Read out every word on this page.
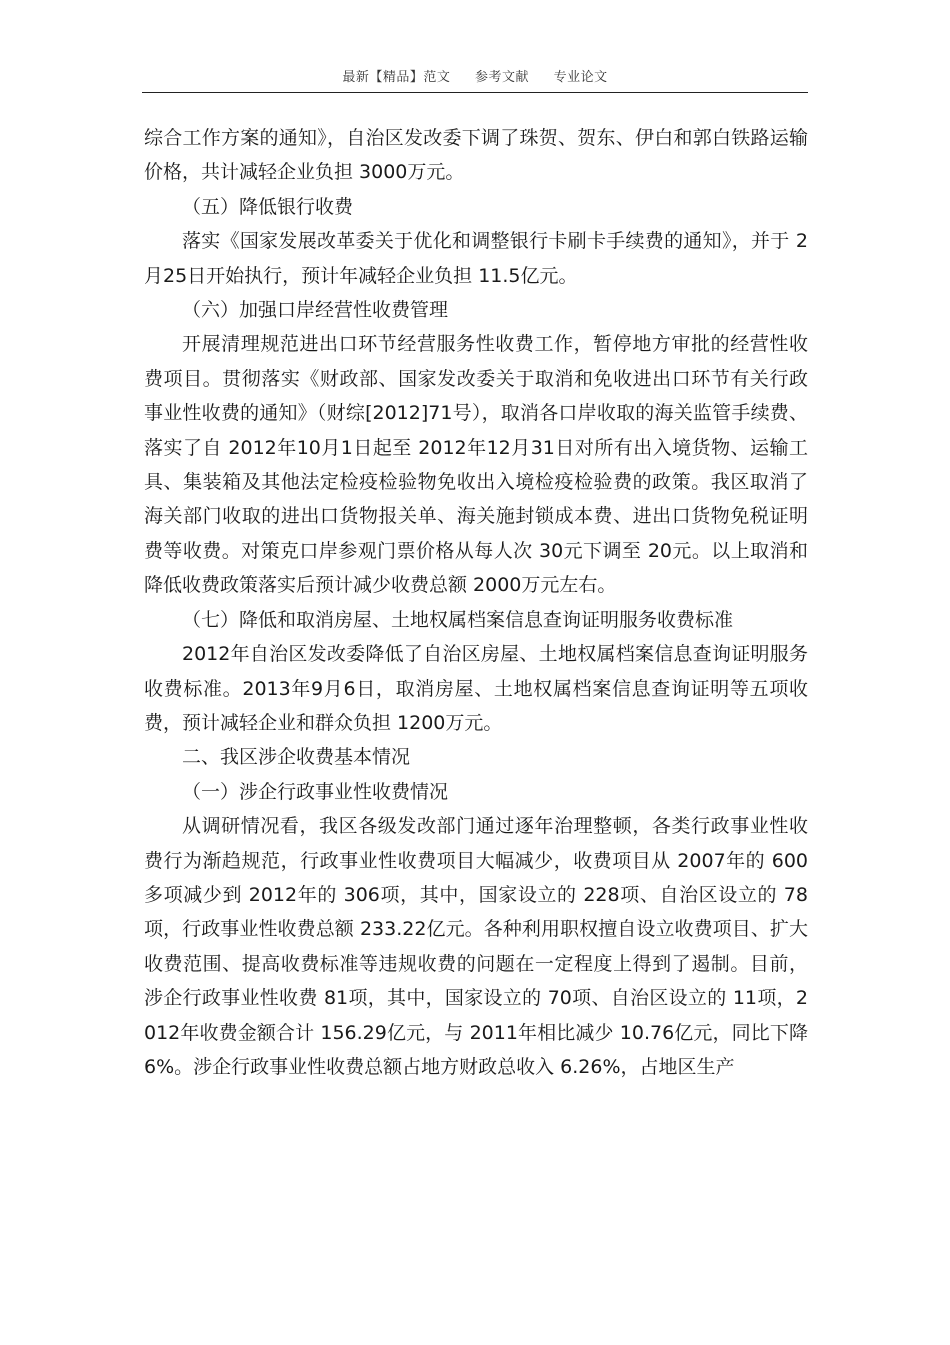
最新【精品】范文 参考文献 专业论文

综合工作方案的通知》，自治区发改委下调了珠贺、贺东、伊白和郭白铁路运输价格，共计减轻企业负担 3000万元。

（五）降低银行收费

落实《国家发展改革委关于优化和调整银行卡刷卡手续费的通知》，并于 2月25日开始执行，预计年减轻企业负担 11.5亿元。

（六）加强口岸经营性收费管理

开展清理规范进出口环节经营服务性收费工作，暂停地方审批的经营性收费项目。贯彻落实《财政部、国家发改委关于取消和免收进出口环节有关行政事业性收费的通知》（财综[2012]71号），取消各口岸收取的海关监管手续费、落实了自 2012年10月1日起至 2012年12月31日对所有出入境货物、运输工具、集装箱及其他法定检疫检验物免收出入境检疫检验费的政策。我区取消了海关部门收取的进出口货物报关单、海关施封锁成本费、进出口货物免税证明费等收费。对策克口岸参观门票价格从每人次 30元下调至 20元。以上取消和降低收费政策落实后预计减少收费总额 2000万元左右。

（七）降低和取消房屋、土地权属档案信息查询证明服务收费标准

2012年自治区发改委降低了自治区房屋、土地权属档案信息查询证明服务收费标准。2013年9月6日，取消房屋、土地权属档案信息查询证明等五项收费，预计减轻企业和群众负担 1200万元。

二、我区涉企收费基本情况

（一）涉企行政事业性收费情况

从调研情况看，我区各级发改部门通过逐年治理整顿，各类行政事业性收费行为渐趋规范，行政事业性收费项目大幅减少，收费项目从 2007年的 600多项减少到 2012年的 306项，其中，国家设立的 228项、自治区设立的 78项，行政事业性收费总额 233.22亿元。各种利用职权擅自设立收费项目、扩大收费范围、提高收费标准等违规收费的问题在一定程度上得到了遏制。目前，涉企行政事业性收费 81项，其中，国家设立的 70项、自治区设立的 11项，2012年收费金额合计 156.29亿元，与 2011年相比减少 10.76亿元，同比下降 6%。涉企行政事业性收费总额占地方财政总收入 6.26%，占地区生产
